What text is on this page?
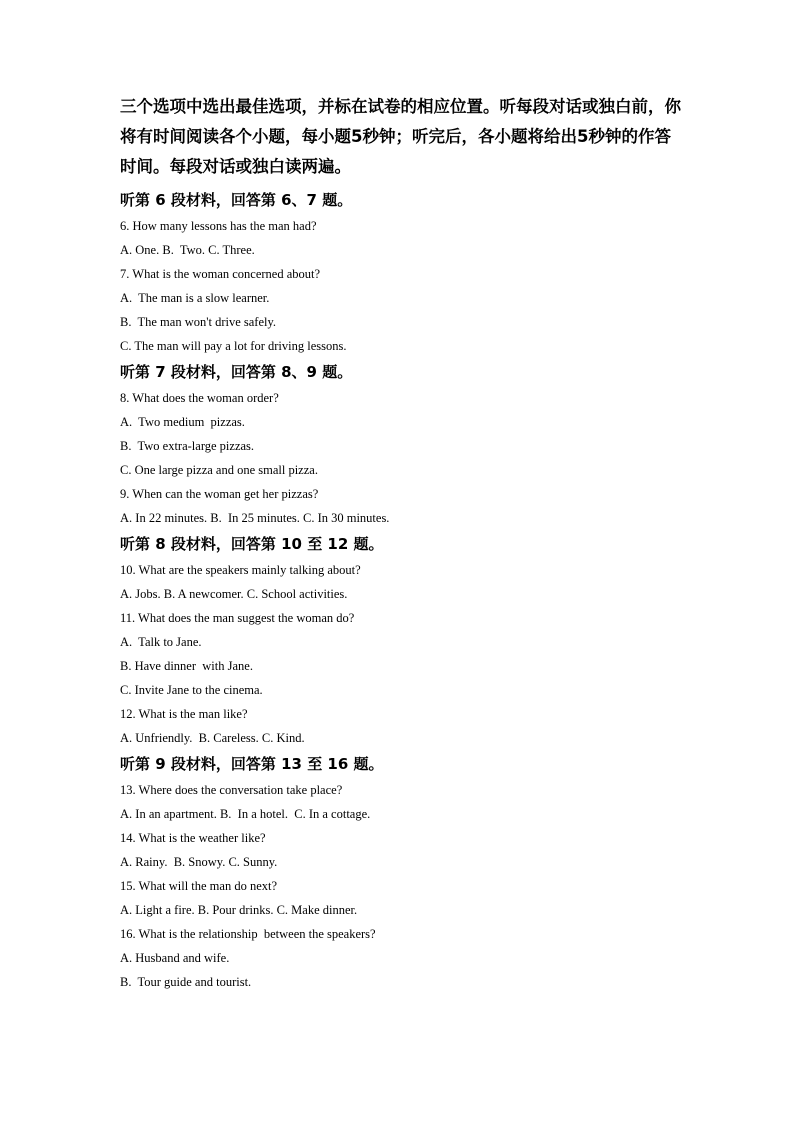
三个选项中选出最佳选项，并标在试卷的相应位置。听每段对话或独白前，你
将有时间阅读各个小题，每小题5秒钟；听完后，各小题将给出5秒钟的作答
时间。每段对话或独白读两遍。
听第 6 段材料，回答第 6、7 题。
6. How many lessons has the man had?
A. One. B.  Two. C. Three.
7. What is the woman concerned about?
A.  The man is a slow learner.
B.  The man won't drive safely.
C. The man will pay a lot for driving lessons.
听第 7 段材料，回答第 8、9 题。
8. What does the woman order?
A.  Two medium  pizzas.
B.  Two extra-large pizzas.
C. One large pizza and one small pizza.
9. When can the woman get her pizzas?
A. In 22 minutes. B.  In 25 minutes. C. In 30 minutes.
听第 8 段材料，回答第 10 至 12 题。
10. What are the speakers mainly talking about?
A. Jobs. B. A newcomer. C. School activities.
11. What does the man suggest the woman do?
A.  Talk to Jane.
B. Have dinner  with Jane.
C. Invite Jane to the cinema.
12. What is the man like?
A. Unfriendly.  B. Careless. C. Kind.
听第 9 段材料，回答第 13 至 16 题。
13. Where does the conversation take place?
A. In an apartment. B.  In a hotel.  C. In a cottage.
14. What is the weather like?
A. Rainy.  B. Snowy. C. Sunny.
15. What will the man do next?
A. Light a fire. B. Pour drinks. C. Make dinner.
16. What is the relationship  between the speakers?
A. Husband and wife.
B.  Tour guide and tourist.
